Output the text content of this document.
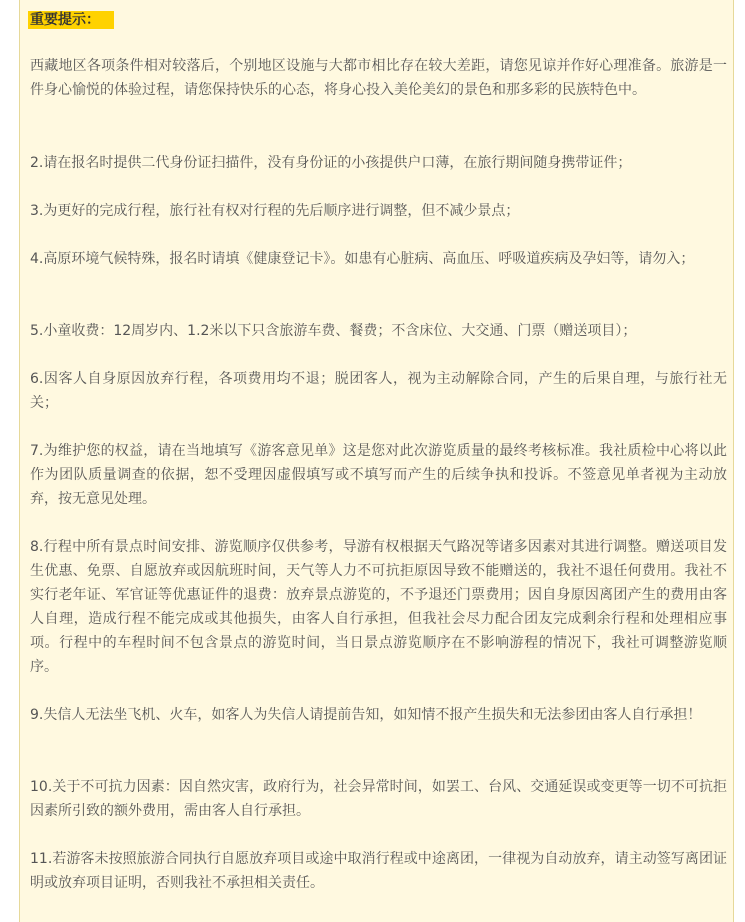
重要提示：

西藏地区各项条件相对较落后，个别地区设施与大都市相比存在较大差距，请您见谅并作好心理准备。旅游是一件身心愉悦的体验过程，请您保持快乐的心态，将身心投入美伦美幻的景色和那多彩的民族特色中。

2.请在报名时提供二代身份证扫描件，没有身份证的小孩提供户口薄，在旅行期间随身携带证件；

3.为更好的完成行程，旅行社有权对行程的先后顺序进行调整，但不减少景点；

4.高原环境气候特殊，报名时请填《健康登记卡》。如患有心脏病、高血压、呼吸道疾病及孕妇等，请勿入；

5.小童收费：12周岁内、1.2米以下只含旅游车费、餐费；不含床位、大交通、门票（赠送项目）；

6.因客人自身原因放弃行程，各项费用均不退；脱团客人，视为主动解除合同，产生的后果自理，与旅行社无关；

7.为维护您的权益，请在当地填写《游客意见单》这是您对此次游览质量的最终考核标准。我社质检中心将以此作为团队质量调查的依据，恕不受理因虚假填写或不填写而产生的后续争执和投诉。不签意见单者视为主动放弃，按无意见处理。

8.行程中所有景点时间安排、游览顺序仅供参考，导游有权根据天气路况等诸多因素对其进行调整。赠送项目发生优惠、免票、自愿放弃或因航班时间，天气等人力不可抗拒原因导致不能赠送的，我社不退任何费用。我社不实行老年证、军官证等优惠证件的退费：放弃景点游览的，不予退还门票费用；因自身原因离团产生的费用由客人自理，造成行程不能完成或其他损失，由客人自行承担，但我社会尽力配合团友完成剩余行程和处理相应事项。行程中的车程时间不包含景点的游览时间，当日景点游览顺序在不影响游程的情况下，我社可调整游览顺序。

9.失信人无法坐飞机、火车，如客人为失信人请提前告知，如知情不报产生损失和无法参团由客人自行承担！

10.关于不可抗力因素：因自然灾害，政府行为，社会异常时间，如罢工、台风、交通延误或变更等一切不可抗拒因素所引致的额外费用，需由客人自行承担。

11.若游客未按照旅游合同执行自愿放弃项目或途中取消行程或中途离团，一律视为自动放弃，请主动签写离团证明或放弃项目证明，否则我社不承担相关责任。
